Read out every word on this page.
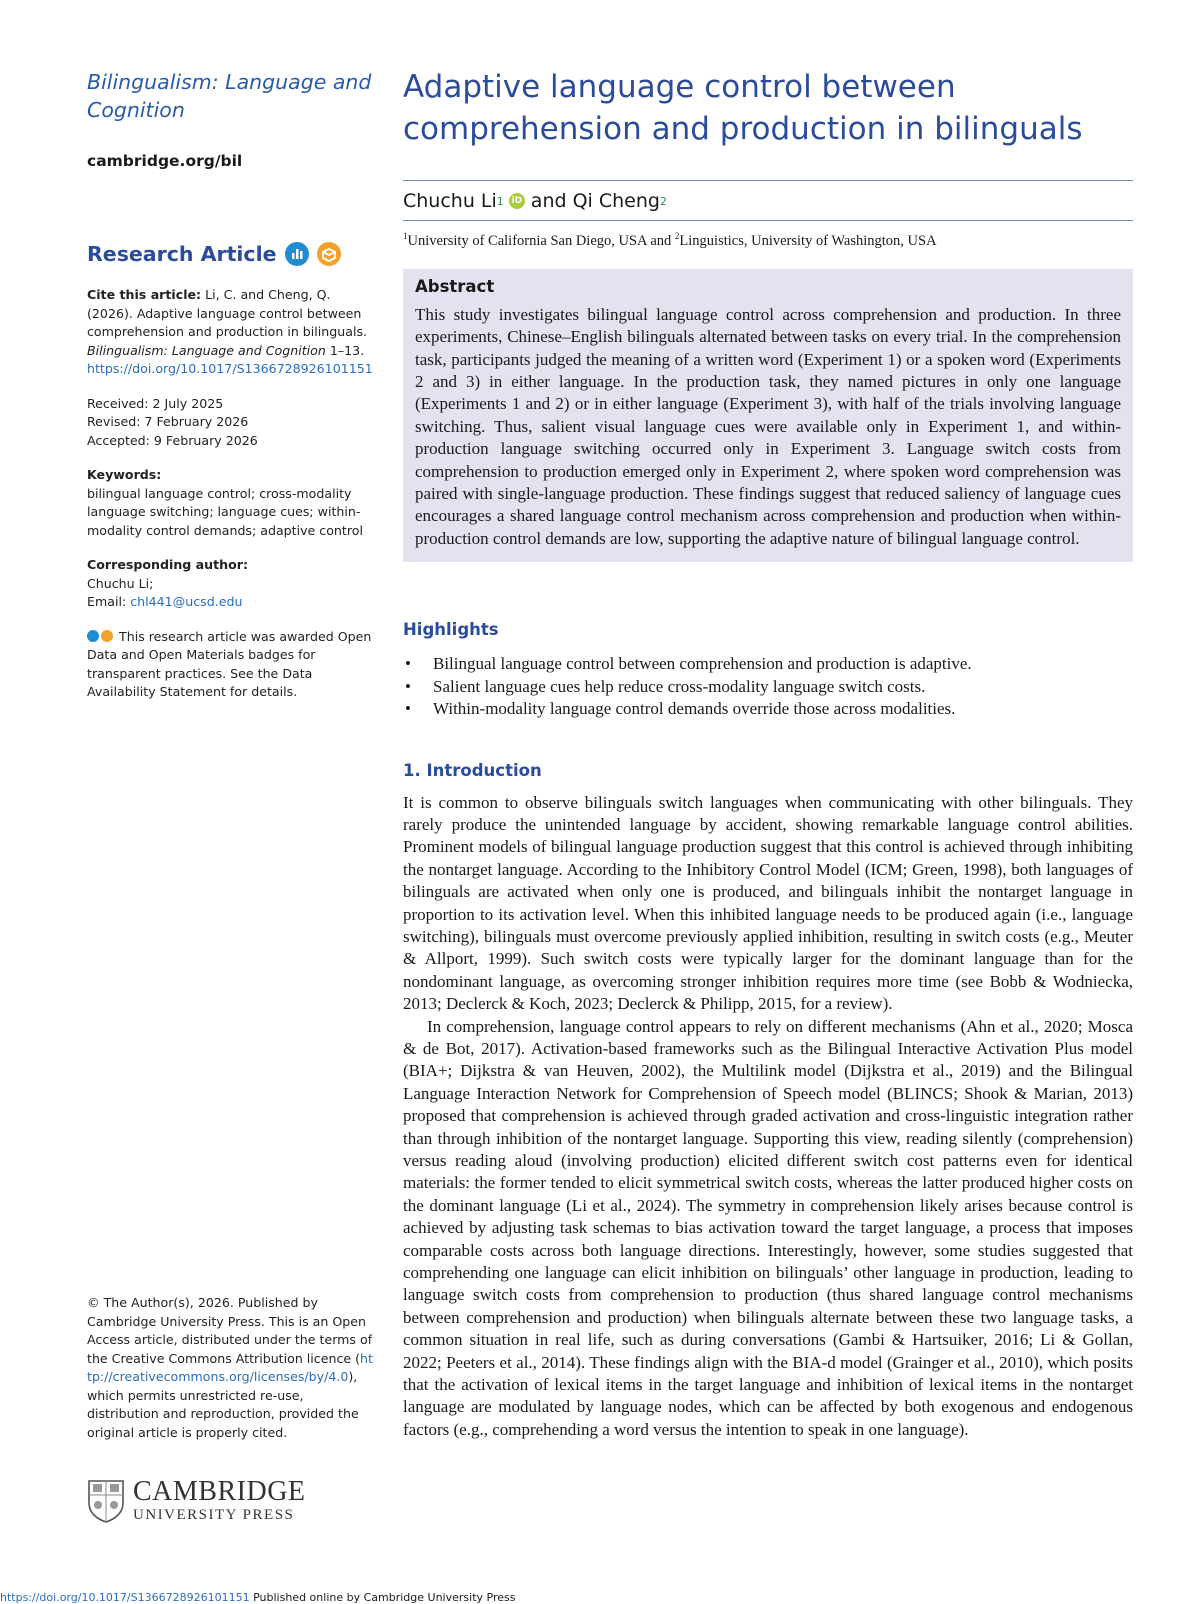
Bilingualism: Language and Cognition
cambridge.org/bil
Research Article
Cite this article: Li, C. and Cheng, Q. (2026). Adaptive language control between comprehension and production in bilinguals. Bilingualism: Language and Cognition 1–13.
https://doi.org/10.1017/S1366728926101151
Received: 2 July 2025
Revised: 7 February 2026
Accepted: 9 February 2026
Keywords:
bilingual language control; cross-modality language switching; language cues; within-modality control demands; adaptive control
Corresponding author:
Chuchu Li;
Email: chl441@ucsd.edu
This research article was awarded Open Data and Open Materials badges for transparent practices. See the Data Availability Statement for details.
© The Author(s), 2026. Published by Cambridge University Press. This is an Open Access article, distributed under the terms of the Creative Commons Attribution licence (http://creativecommons.org/licenses/by/4.0), which permits unrestricted re-use, distribution and reproduction, provided the original article is properly cited.
CAMBRIDGE
UNIVERSITY PRESS
Adaptive language control between comprehension and production in bilinguals
Chuchu Li 1 iD and Qi Cheng 2
$^1$University of California San Diego, USA and $^2$Linguistics, University of Washington, USA
Abstract
This study investigates bilingual language control across comprehension and production. In three experiments, Chinese–English bilinguals alternated between tasks on every trial. In the comprehension task, participants judged the meaning of a written word (Experiment 1) or a spoken word (Experiments 2 and 3) in either language. In the production task, they named pictures in only one language (Experiments 1 and 2) or in either language (Experiment 3), with half of the trials involving language switching. Thus, salient visual language cues were available only in Experiment 1, and within-production language switching occurred only in Experiment 3. Language switch costs from comprehension to production emerged only in Experiment 2, where spoken word comprehension was paired with single-language production. These findings suggest that reduced saliency of language cues encourages a shared language control mechanism across comprehension and production when within-production control demands are low, supporting the adaptive nature of bilingual language control.
Highlights
• Bilingual language control between comprehension and production is adaptive.
• Salient language cues help reduce cross-modality language switch costs.
• Within-modality language control demands override those across modalities.
1. Introduction

It is common to observe bilinguals switch languages when communicating with other bilinguals. They rarely produce the unintended language by accident, showing remarkable language control abilities. Prominent models of bilingual language production suggest that this control is achieved through inhibiting the nontarget language. According to the Inhibitory Control Model (ICM; Green, 1998), both languages of bilinguals are activated when only one is produced, and bilinguals inhibit the nontarget language in proportion to its activation level. When this inhibited language needs to be produced again (i.e., language switching), bilinguals must overcome previously applied inhibition, resulting in switch costs (e.g., Meuter & Allport, 1999). Such switch costs were typically larger for the dominant language than for the nondominant language, as overcoming stronger inhibition requires more time (see Bobb & Wodniecka, 2013; Declerck & Koch, 2023; Declerck & Philipp, 2015, for a review).

In comprehension, language control appears to rely on different mechanisms (Ahn et al., 2020; Mosca & de Bot, 2017). Activation-based frameworks such as the Bilingual Interactive Activation Plus model (BIA+; Dijkstra & van Heuven, 2002), the Multilink model (Dijkstra et al., 2019) and the Bilingual Language Interaction Network for Comprehension of Speech model (BLINCS; Shook & Marian, 2013) proposed that comprehension is achieved through graded activation and cross-linguistic integration rather than through inhibition of the nontarget language. Supporting this view, reading silently (comprehension) versus reading aloud (involving production) elicited different switch cost patterns even for identical materials: the former tended to elicit symmetrical switch costs, whereas the latter produced higher costs on the dominant language (Li et al., 2024). The symmetry in comprehension likely arises because control is achieved by adjusting task schemas to bias activation toward the target language, a process that imposes comparable costs across both language directions. Interestingly, however, some studies suggested that comprehending one language can elicit inhibition on bilinguals’ other language in production, leading to language switch costs from comprehension to production (thus shared language control mechanisms between comprehension and production) when bilinguals alternate between these two language tasks, a common situation in real life, such as during conversations (Gambi & Hartsuiker, 2016; Li & Gollan, 2022; Peeters et al., 2014). These findings align with the BIA-d model (Grainger et al., 2010), which posits that the activation of lexical items in the target language and inhibition of lexical items in the nontarget language are modulated by language nodes, which can be affected by both exogenous and endogenous factors (e.g., comprehending a word versus the intention to speak in one language).

https://doi.org/10.1017/S1366728926101151 Published online by Cambridge University Press
